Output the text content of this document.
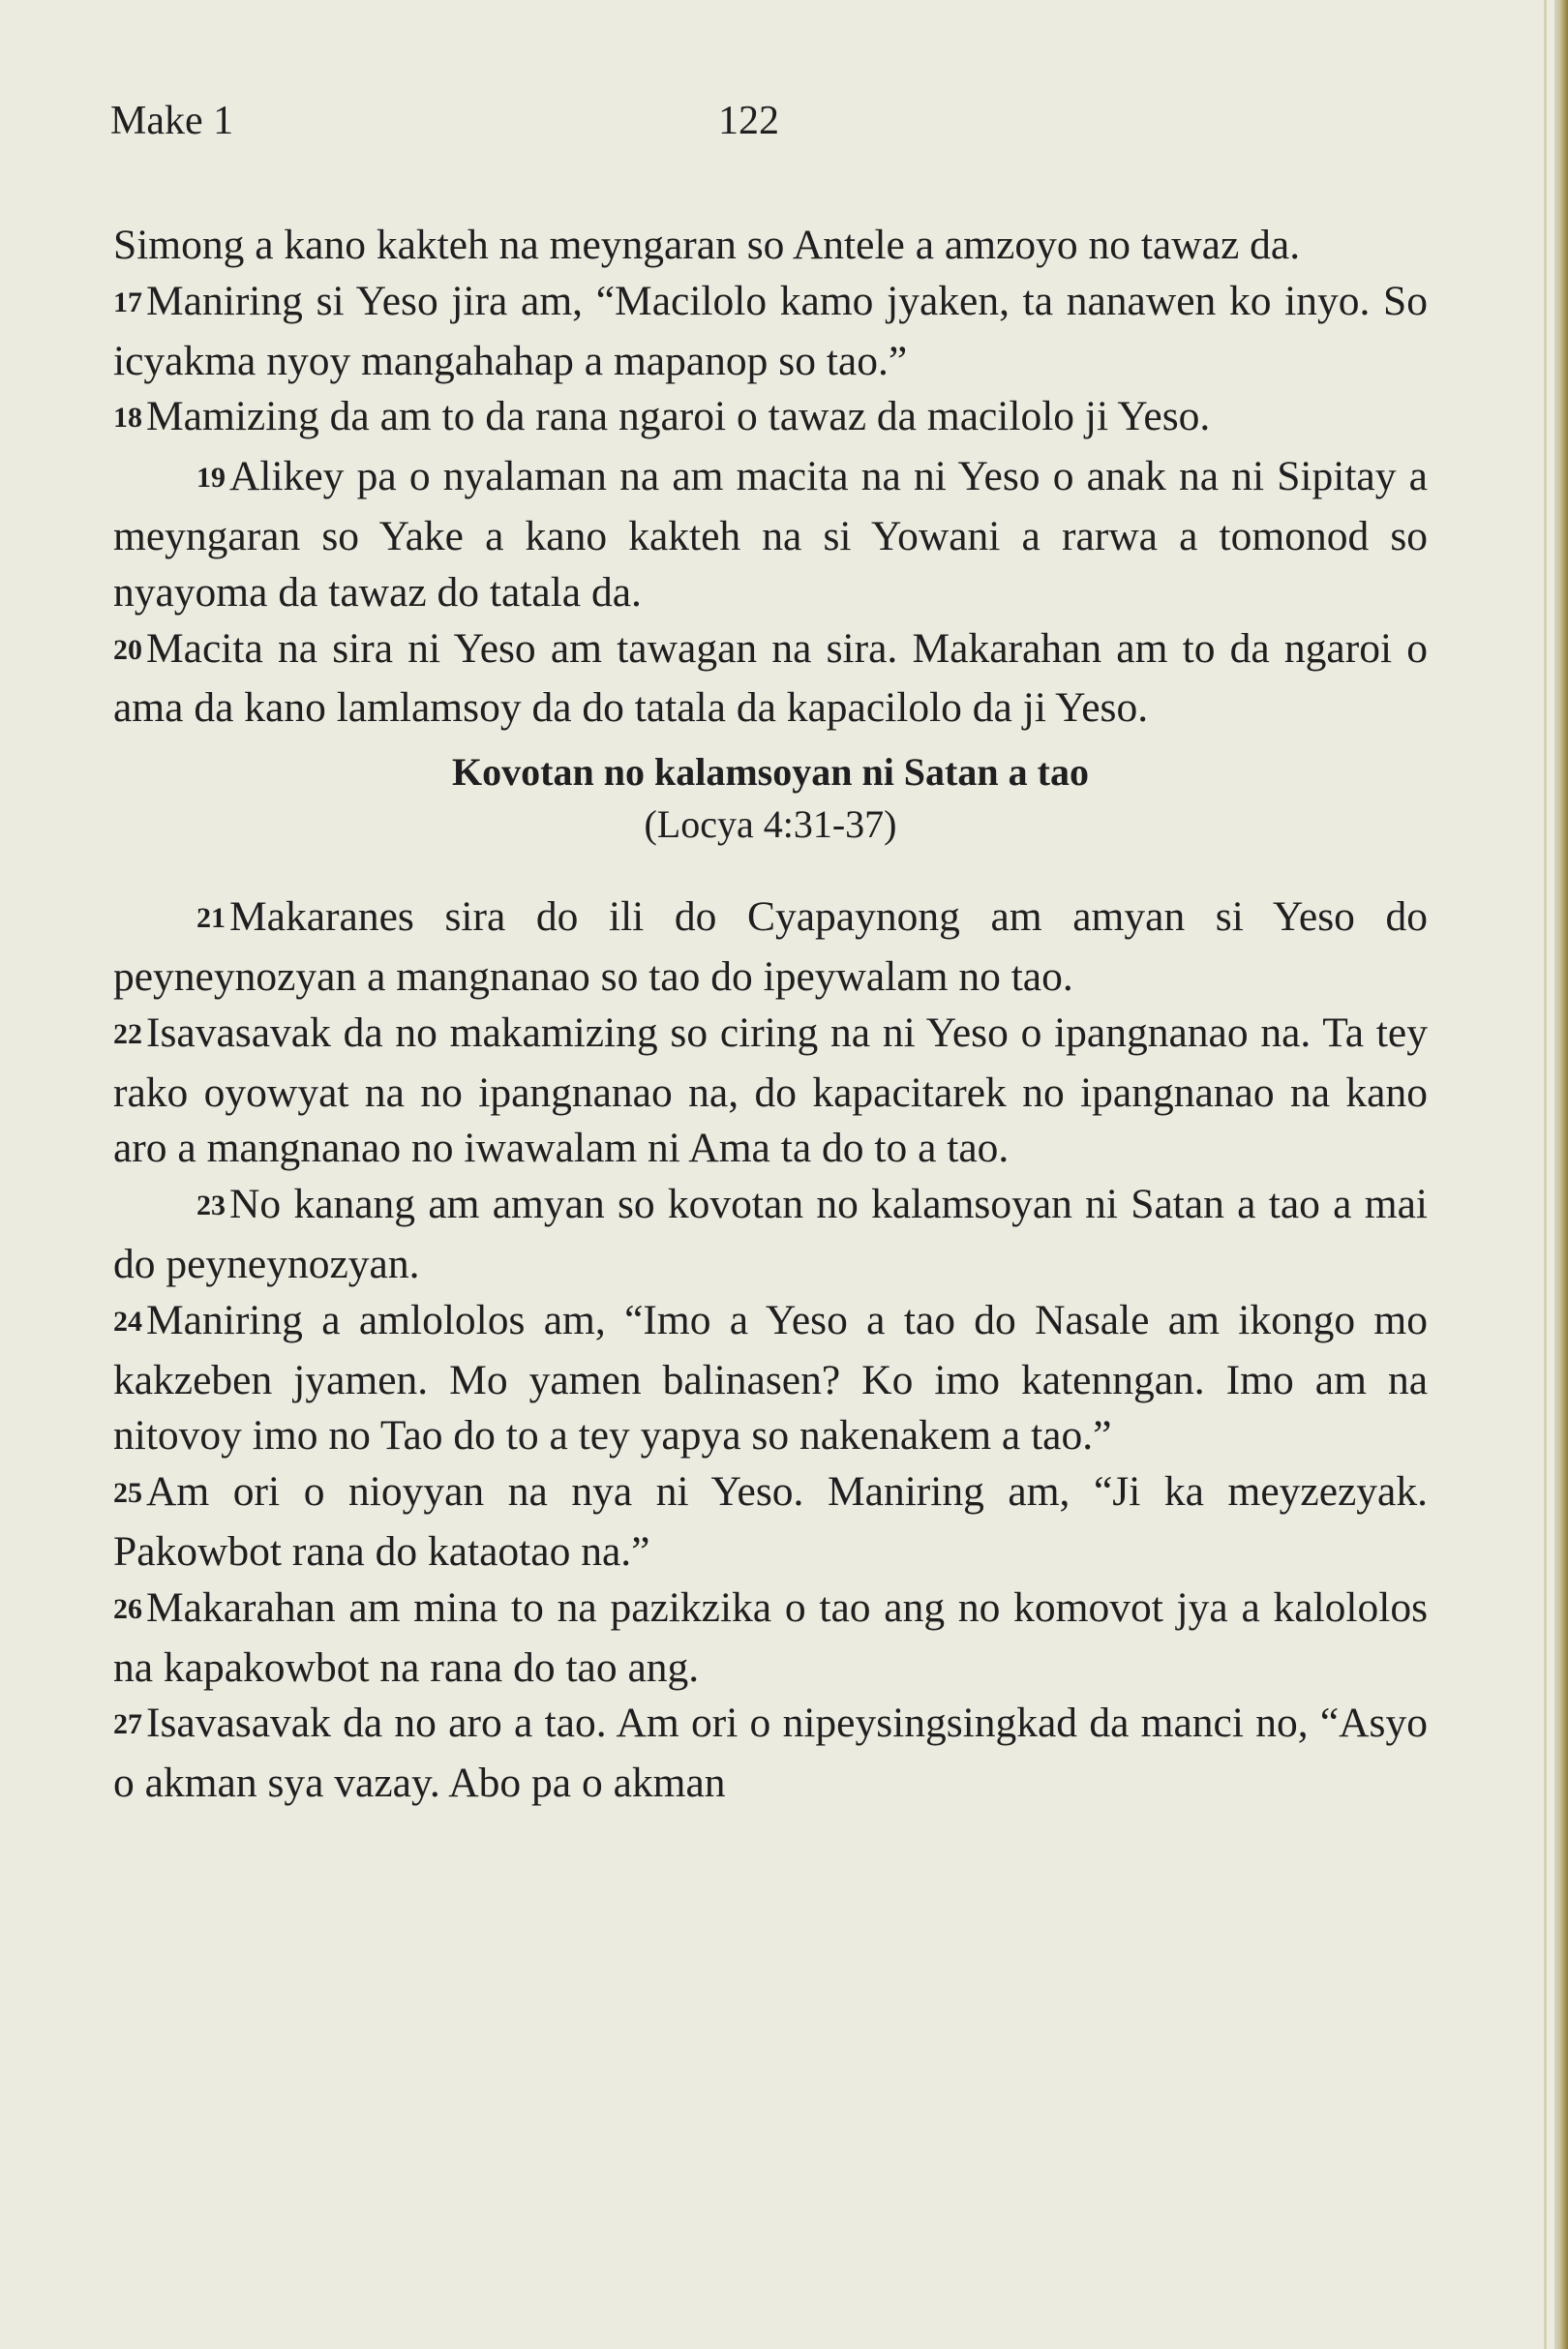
Make 1	122

Simong a kano kakteh na meyngaran so Antele a amzoyo no tawaz da.

17Maniring si Yeso jira am, “Macilolo kamo jyaken, ta nanawen ko inyo. So icyakma nyoy mangahahap a mapanop so tao.”

18Mamizing da am to da rana ngaroi o tawaz da macilolo ji Yeso.

19Alikey pa o nyalaman na am macita na ni Yeso o anak na ni Sipitay a meyngaran so Yake a kano kakteh na si Yowani a rarwa a tomonod so nyayoma da tawaz do tatala da.

20Macita na sira ni Yeso am tawagan na sira. Makarahan am to da ngaroi o ama da kano lamlamsoy da do tatala da kapacilolo da ji Yeso.

Kovotan no kalamsoyan ni Satan a tao

(Locya 4:31-37)

21Makaranes sira do ili do Cyapaynong am amyan si Yeso do peyneynozyan a mangnanao so tao do ipeywalam no tao.

22Isavasavak da no makamizing so ciring na ni Yeso o ipangnanao na. Ta tey rako oyowyat na no ipangnanao na, do kapacitarek no ipangnanao na kano aro a mangnanao no iwawalam ni Ama ta do to a tao.

23No kanang am amyan so kovotan no kalamsoyan ni Satan a tao a mai do peyneynozyan.

24Maniring a amlololos am, “Imo a Yeso a tao do Nasale am ikongo mo kakzeben jyamen. Mo yamen balinasen? Ko imo katenngan. Imo am na nitovoy imo no Tao do to a tey yapya so nakenakem a tao.”

25Am ori o nioyyan na nya ni Yeso. Maniring am, “Ji ka meyzezyak. Pakowbot rana do kataotao na.”

26Makarahan am mina to na pazikzika o tao ang no komovot jya a kalololos na kapakowbot na rana do tao ang.

27Isavasavak da no aro a tao. Am ori o nipeysingsingkad da manci no, “Asyo o akman sya vazay. Abo pa o akman
